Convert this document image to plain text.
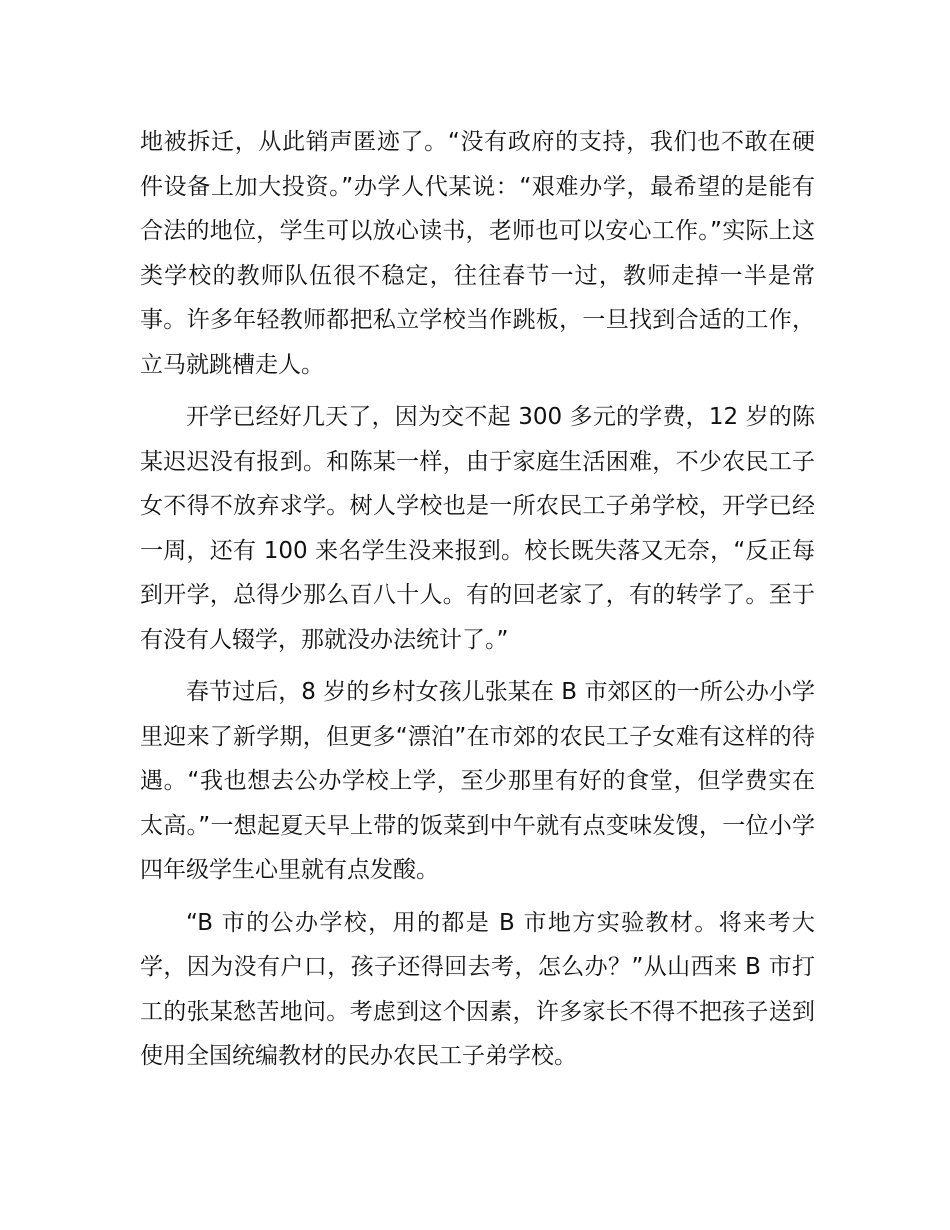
地被拆迁，从此销声匿迹了。“没有政府的支持，我们也不敢在硬件设备上加大投资。”办学人代某说：“艰难办学，最希望的是能有合法的地位，学生可以放心读书，老师也可以安心工作。”实际上这类学校的教师队伍很不稳定，往往春节一过，教师走掉一半是常事。许多年轻教师都把私立学校当作跳板，一旦找到合适的工作，立马就跳槽走人。

开学已经好几天了，因为交不起 300 多元的学费，12 岁的陈某迟迟没有报到。和陈某一样，由于家庭生活困难，不少农民工子女不得不放弃求学。树人学校也是一所农民工子弟学校，开学已经一周，还有 100 来名学生没来报到。校长既失落又无奈，“反正每到开学，总得少那么百八十人。有的回老家了，有的转学了。至于有没有人辍学，那就没办法统计了。”

春节过后，8 岁的乡村女孩儿张某在 B 市郊区的一所公办小学里迎来了新学期，但更多“漂泊”在市郊的农民工子女难有这样的待遇。“我也想去公办学校上学，至少那里有好的食堂，但学费实在太高。”一想起夏天早上带的饭菜到中午就有点变味发馊，一位小学四年级学生心里就有点发酸。

“B 市的公办学校，用的都是 B 市地方实验教材。将来考大学，因为没有户口，孩子还得回去考，怎么办？”从山西来 B 市打工的张某愁苦地问。考虑到这个因素，许多家长不得不把孩子送到使用全国统编教材的民办农民工子弟学校。
